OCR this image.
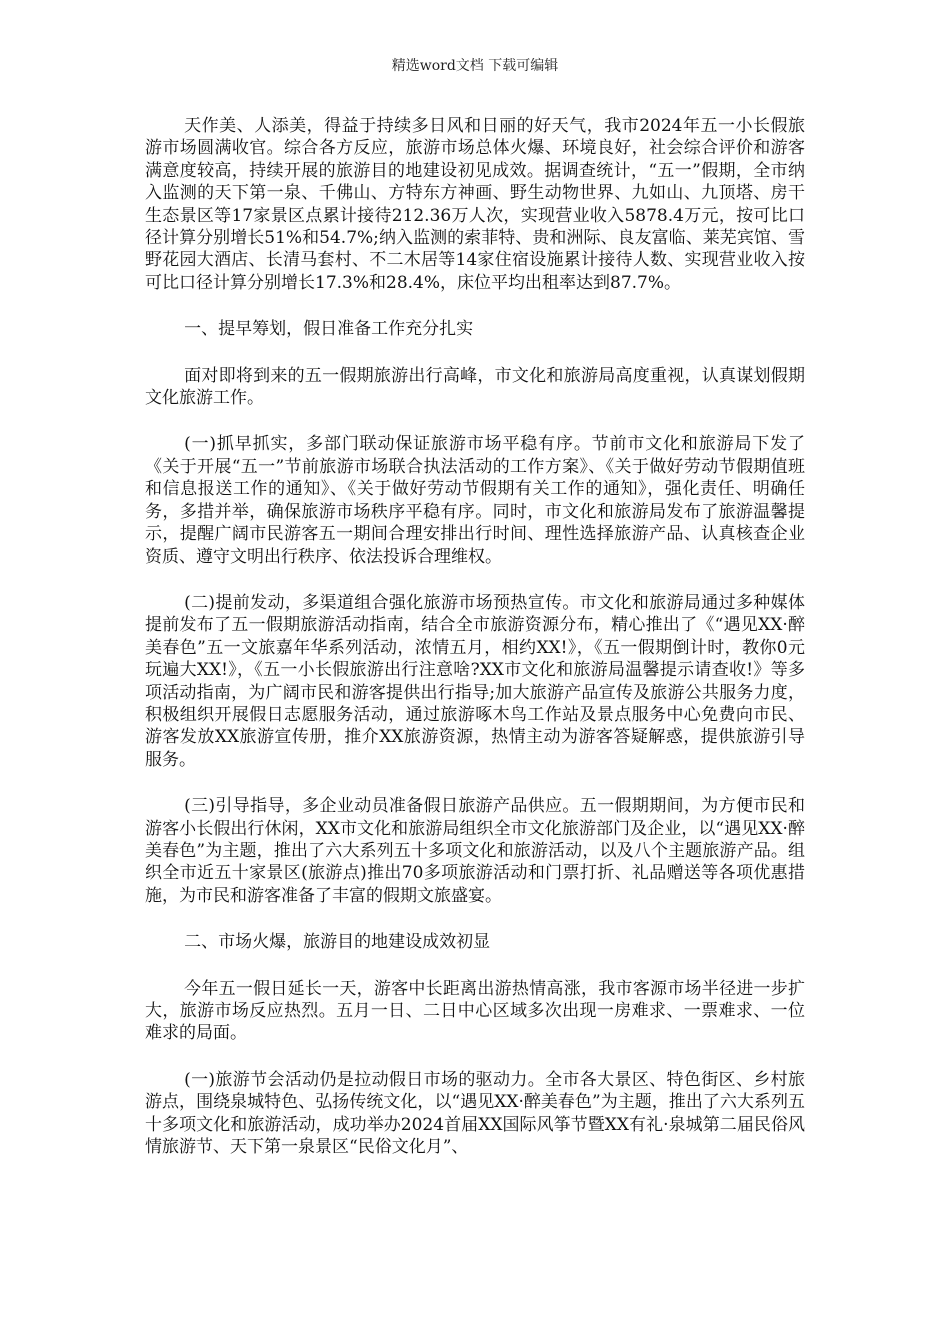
精选word文档 下载可编辑

天作美、人添美，得益于持续多日风和日丽的好天气，我市2024年五一小长假旅游市场圆满收官。综合各方反应，旅游市场总体火爆、环境良好，社会综合评价和游客满意度较高，持续开展的旅游目的地建设初见成效。据调查统计，“五一”假期，全市纳入监测的天下第一泉、千佛山、方特东方神画、野生动物世界、九如山、九顶塔、房干生态景区等17家景区点累计接待212.36万人次，实现营业收入5878.4万元，按可比口径计算分别增长51%和54.7%;纳入监测的索菲特、贵和洲际、良友富临、莱芜宾馆、雪野花园大酒店、长清马套村、不二木居等14家住宿设施累计接待人数、实现营业收入按可比口径计算分别增长17.3%和28.4%，床位平均出租率达到87.7%。

一、提早筹划，假日准备工作充分扎实

面对即将到来的五一假期旅游出行高峰，市文化和旅游局高度重视，认真谋划假期文化旅游工作。

(一)抓早抓实，多部门联动保证旅游市场平稳有序。节前市文化和旅游局下发了《关于开展“五一”节前旅游市场联合执法活动的工作方案》、《关于做好劳动节假期值班和信息报送工作的通知》、《关于做好劳动节假期有关工作的通知》，强化责任、明确任务，多措并举，确保旅游市场秩序平稳有序。同时，市文化和旅游局发布了旅游温馨提示，提醒广阔市民游客五一期间合理安排出行时间、理性选择旅游产品、认真核查企业资质、遵守文明出行秩序、依法投诉合理维权。

(二)提前发动，多渠道组合强化旅游市场预热宣传。市文化和旅游局通过多种媒体提前发布了五一假期旅游活动指南，结合全市旅游资源分布，精心推出了《“遇见XX·醉美春色”五一文旅嘉年华系列活动，浓情五月，相约XX!》，《五一假期倒计时，教你0元玩遍大XX!》，《五一小长假旅游出行注意啥?XX市文化和旅游局温馨提示请查收!》等多项活动指南，为广阔市民和游客提供出行指导;加大旅游产品宣传及旅游公共服务力度，积极组织开展假日志愿服务活动，通过旅游啄木鸟工作站及景点服务中心免费向市民、游客发放XX旅游宣传册，推介XX旅游资源，热情主动为游客答疑解惑，提供旅游引导服务。

(三)引导指导，多企业动员准备假日旅游产品供应。五一假期期间，为方便市民和游客小长假出行休闲，XX市文化和旅游局组织全市文化旅游部门及企业，以“遇见XX·醉美春色”为主题，推出了六大系列五十多项文化和旅游活动，以及八个主题旅游产品。组织全市近五十家景区(旅游点)推出70多项旅游活动和门票打折、礼品赠送等各项优惠措施，为市民和游客准备了丰富的假期文旅盛宴。

二、市场火爆，旅游目的地建设成效初显

今年五一假日延长一天，游客中长距离出游热情高涨，我市客源市场半径进一步扩大，旅游市场反应热烈。五月一日、二日中心区域多次出现一房难求、一票难求、一位难求的局面。

(一)旅游节会活动仍是拉动假日市场的驱动力。全市各大景区、特色街区、乡村旅游点，围绕泉城特色、弘扬传统文化，以“遇见XX·醉美春色”为主题，推出了六大系列五十多项文化和旅游活动，成功举办2024首届XX国际风筝节暨XX有礼·泉城第二届民俗风情旅游节、天下第一泉景区“民俗文化月”、
